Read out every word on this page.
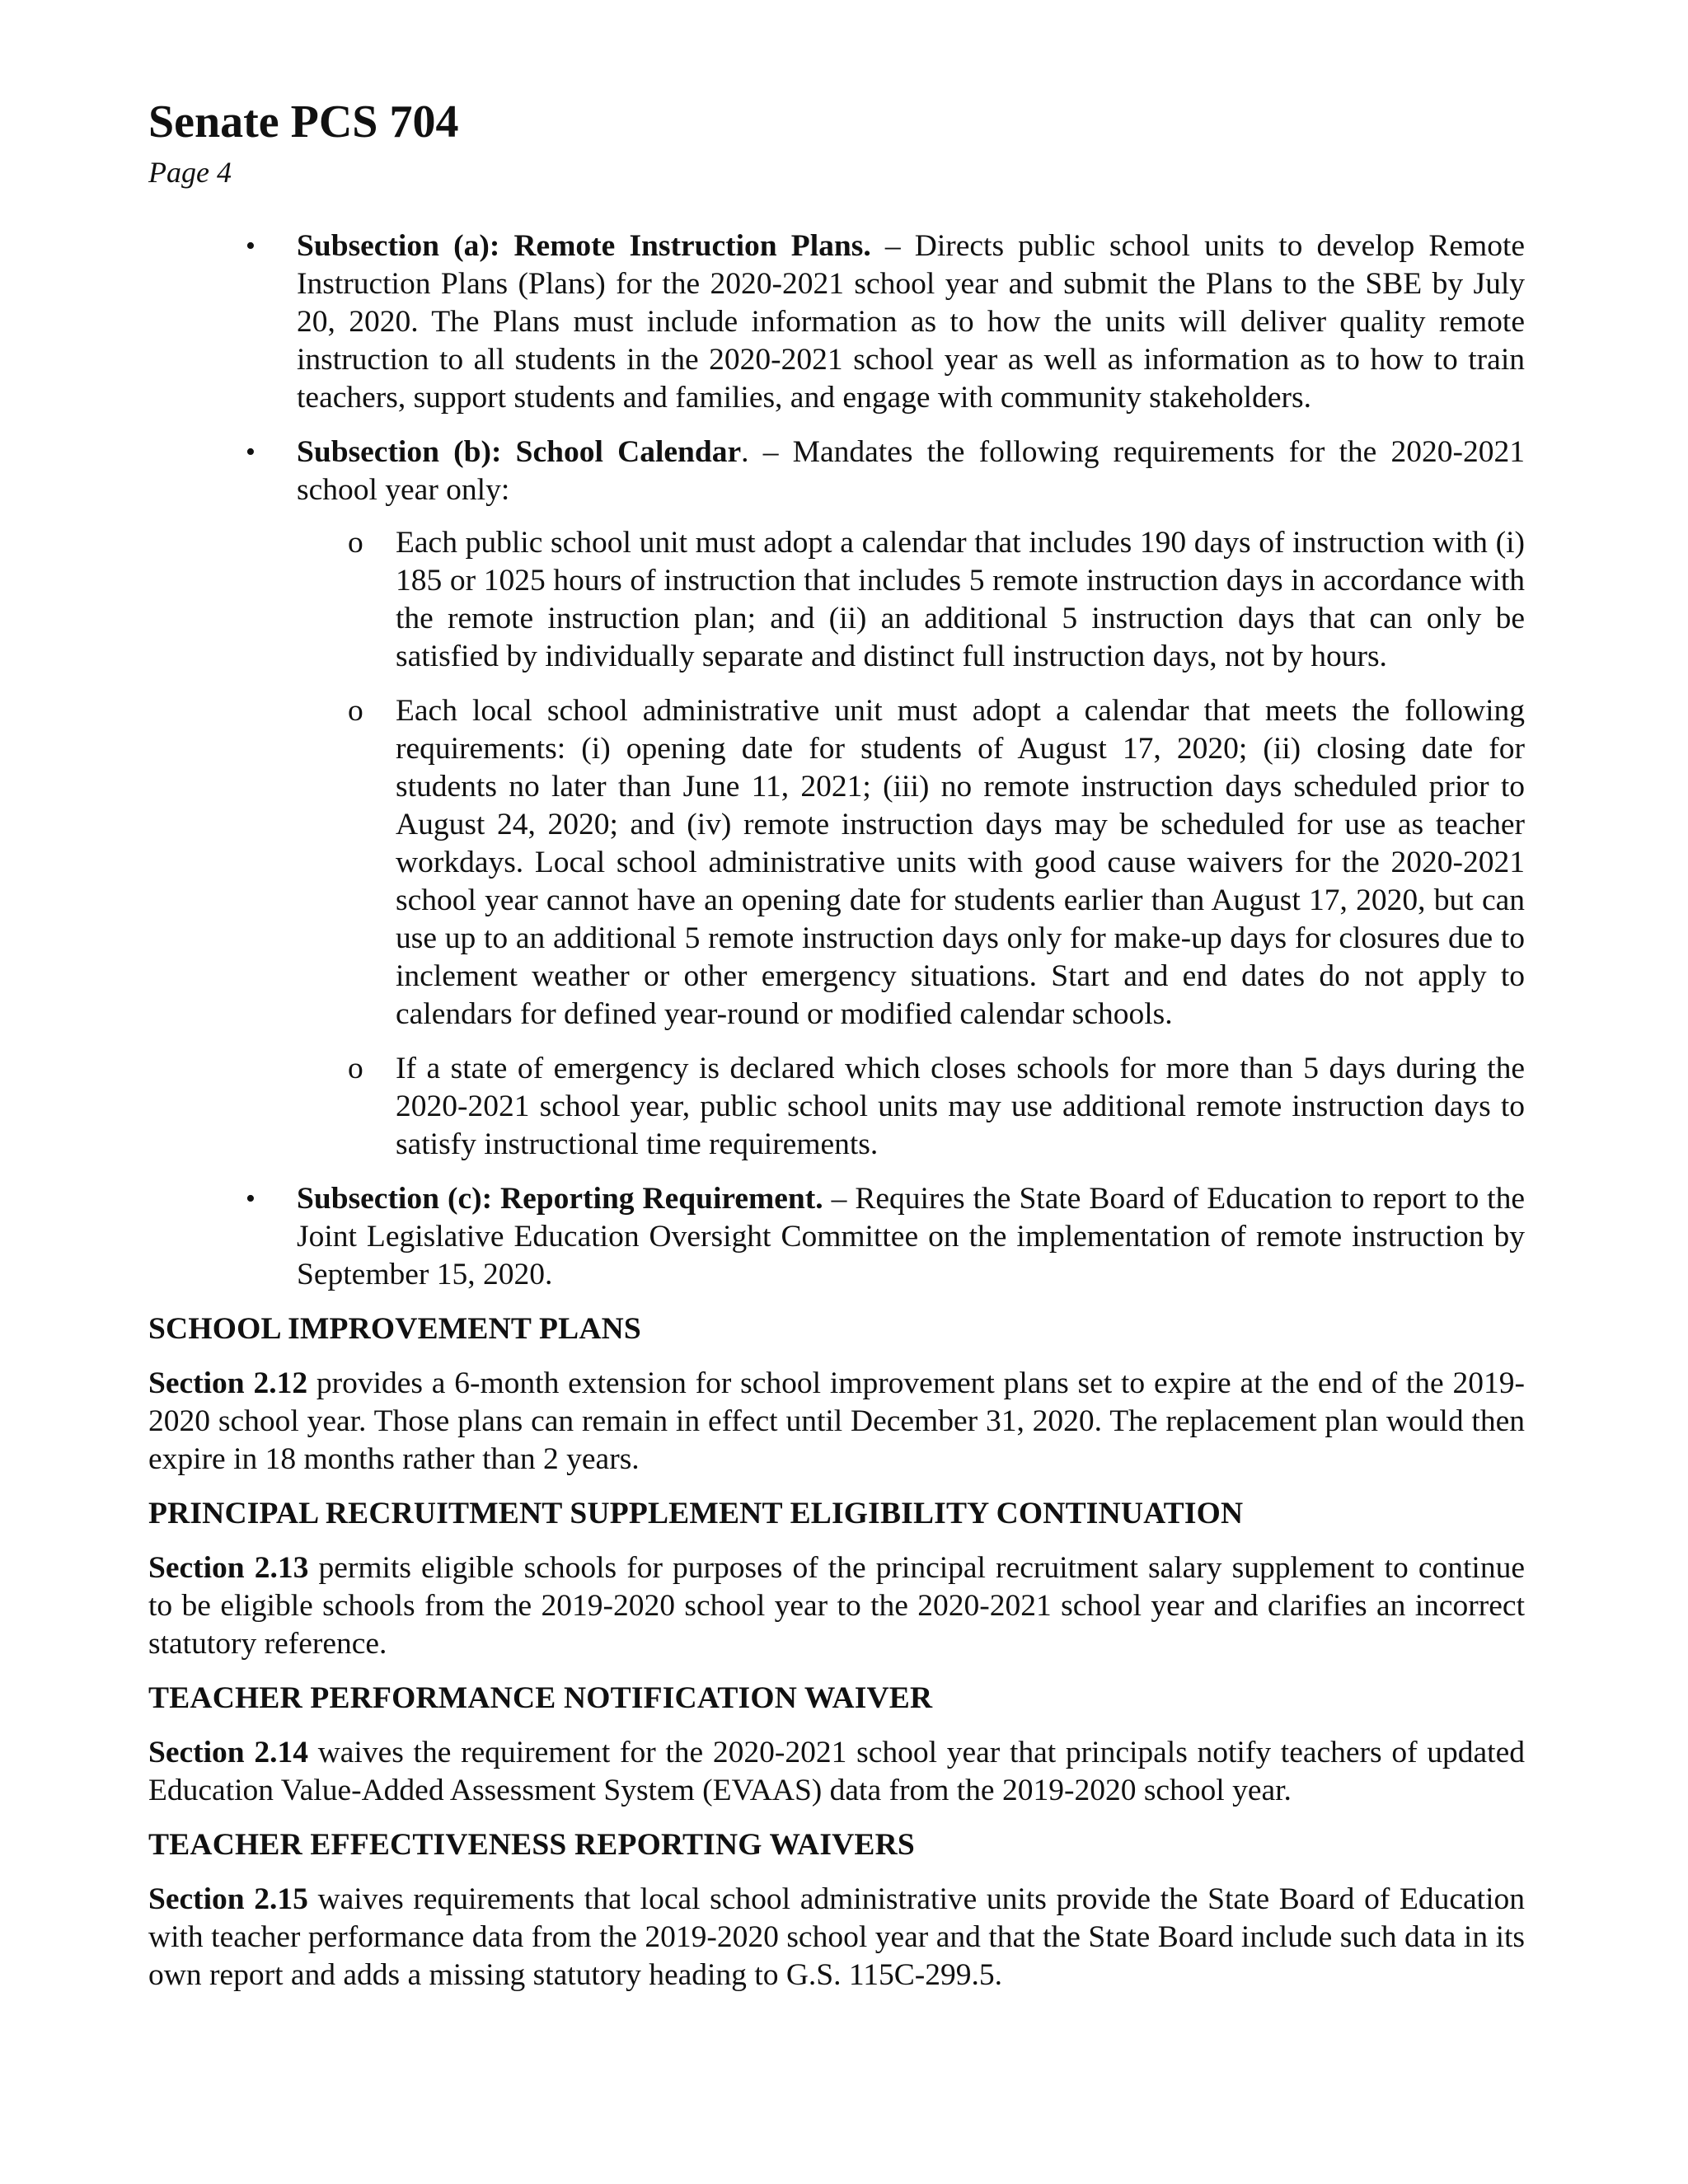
Senate PCS 704
Page 4
• Subsection (a): Remote Instruction Plans. – Directs public school units to develop Remote Instruction Plans (Plans) for the 2020-2021 school year and submit the Plans to the SBE by July 20, 2020. The Plans must include information as to how the units will deliver quality remote instruction to all students in the 2020-2021 school year as well as information as to how to train teachers, support students and families, and engage with community stakeholders.

• Subsection (b): School Calendar. – Mandates the following requirements for the 2020-2021 school year only:

o Each public school unit must adopt a calendar that includes 190 days of instruction with (i) 185 or 1025 hours of instruction that includes 5 remote instruction days in accordance with the remote instruction plan; and (ii) an additional 5 instruction days that can only be satisfied by individually separate and distinct full instruction days, not by hours.
o Each local school administrative unit must adopt a calendar that meets the following requirements: (i) opening date for students of August 17, 2020; (ii) closing date for students no later than June 11, 2021; (iii) no remote instruction days scheduled prior to August 24, 2020; and (iv) remote instruction days may be scheduled for use as teacher workdays. Local school administrative units with good cause waivers for the 2020-2021 school year cannot have an opening date for students earlier than August 17, 2020, but can use up to an additional 5 remote instruction days only for make-up days for closures due to inclement weather or other emergency situations. Start and end dates do not apply to calendars for defined year-round or modified calendar schools.
o If a state of emergency is declared which closes schools for more than 5 days during the 2020-2021 school year, public school units may use additional remote instruction days to satisfy instructional time requirements.
• Subsection (c): Reporting Requirement. – Requires the State Board of Education to report to the Joint Legislative Education Oversight Committee on the implementation of remote instruction by September 15, 2020.

SCHOOL IMPROVEMENT PLANS

Section 2.12 provides a 6-month extension for school improvement plans set to expire at the end of the 2019-2020 school year. Those plans can remain in effect until December 31, 2020. The replacement plan would then expire in 18 months rather than 2 years.

PRINCIPAL RECRUITMENT SUPPLEMENT ELIGIBILITY CONTINUATION

Section 2.13 permits eligible schools for purposes of the principal recruitment salary supplement to continue to be eligible schools from the 2019-2020 school year to the 2020-2021 school year and clarifies an incorrect statutory reference.

TEACHER PERFORMANCE NOTIFICATION WAIVER

Section 2.14 waives the requirement for the 2020-2021 school year that principals notify teachers of updated Education Value-Added Assessment System (EVAAS) data from the 2019-2020 school year.

TEACHER EFFECTIVENESS REPORTING WAIVERS

Section 2.15 waives requirements that local school administrative units provide the State Board of Education with teacher performance data from the 2019-2020 school year and that the State Board include such data in its own report and adds a missing statutory heading to G.S. 115C-299.5.
